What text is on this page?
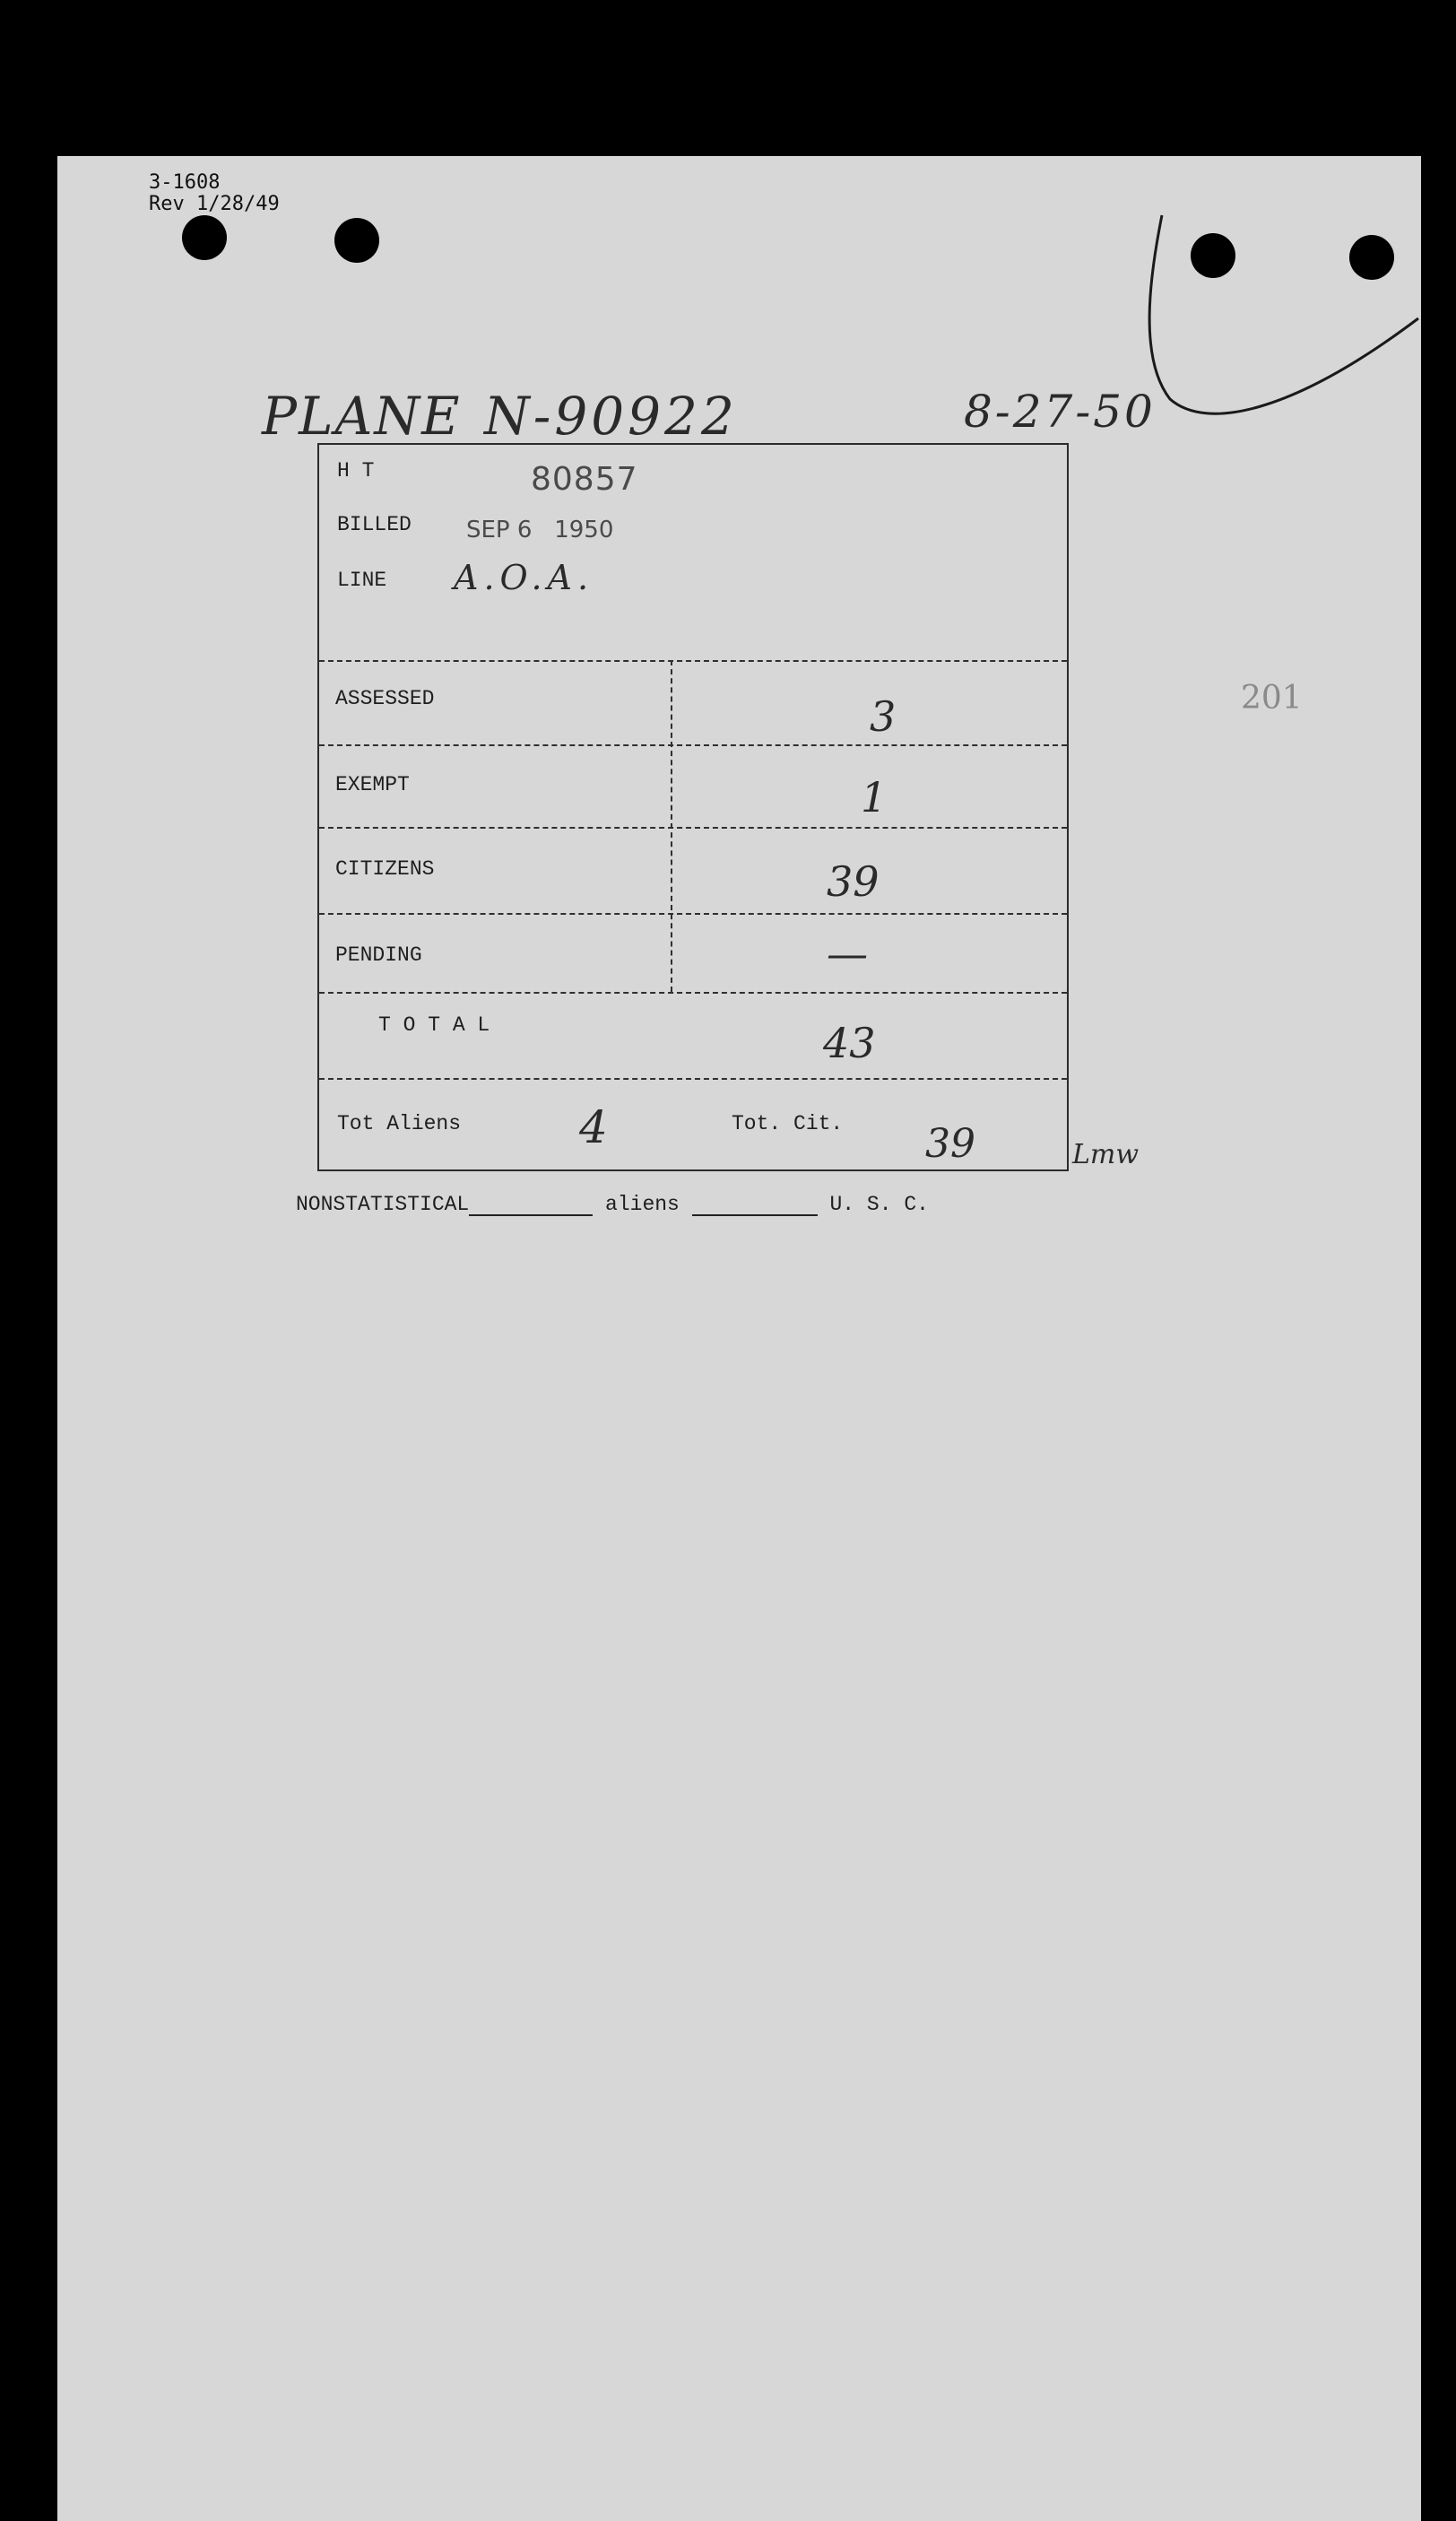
3-1608
Rev 1/28/49
PLANE N-90922	8-27-50
H T	80857
BILLED SEP 6   1950
LINE A.O.A.
ASSESSED	3
EXEMPT	1
CITIZENS	39
PENDING	—
T O T A L	43
Tot Aliens	4	Tot. Cit. 39	Lmw
NONSTATISTICAL	aliens	U. S. C.
201
